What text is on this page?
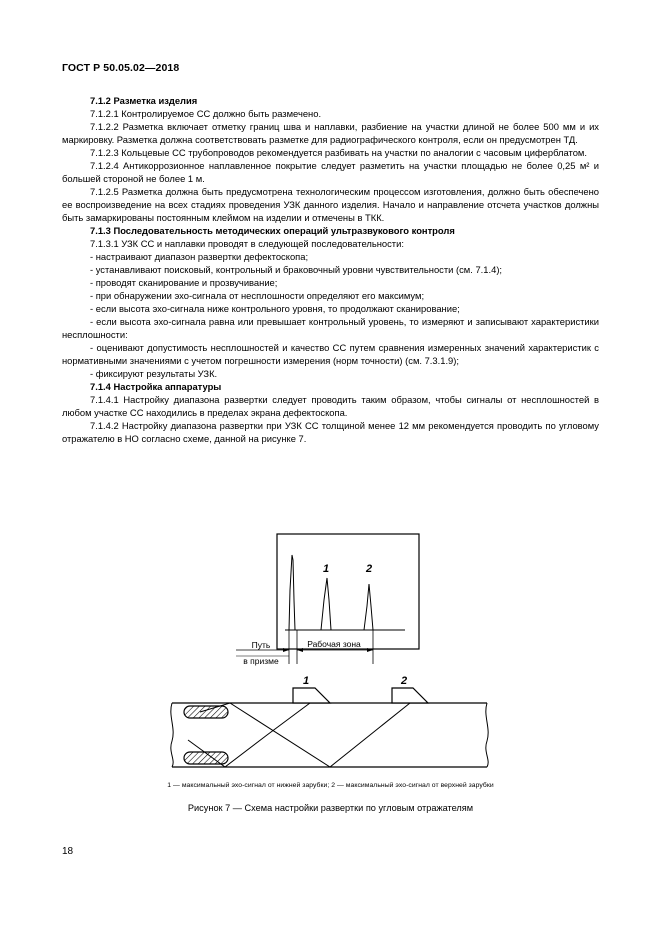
ГОСТ Р 50.05.02—2018

7.1.2 Разметка изделия

7.1.2.1 Контролируемое СС должно быть размечено.

7.1.2.2 Разметка включает отметку границ шва и наплавки, разбиение на участки длиной не более 500 мм и их маркировку. Разметка должна соответствовать разметке для радиографического контроля, если он предусмотрен ТД.

7.1.2.3 Кольцевые СС трубопроводов рекомендуется разбивать на участки по аналогии с часовым циферблатом.

7.1.2.4 Антикоррозионное наплавленное покрытие следует разметить на участки площадью не более 0,25 м² и большей стороной не более 1 м.

7.1.2.5 Разметка должна быть предусмотрена технологическим процессом изготовления, должно быть обеспечено ее воспроизведение на всех стадиях проведения УЗК данного изделия. Начало и направление отсчета участков должны быть замаркированы постоянным клеймом на изделии и отмечены в ТКК.

7.1.3 Последовательность методических операций ультразвукового контроля

7.1.3.1 УЗК СС и наплавки проводят в следующей последовательности:

- настраивают диапазон развертки дефектоскопа;

- устанавливают поисковый, контрольный и браковочный уровни чувствительности (см. 7.1.4);

- проводят сканирование и прозвучивание;

- при обнаружении эхо-сигнала от несплошности определяют его максимум;

- если высота эхо-сигнала ниже контрольного уровня, то продолжают сканирование;

- если высота эхо-сигнала равна или превышает контрольный уровень, то измеряют и записывают характеристики несплошности:

- оценивают допустимость несплошностей и качество СС путем сравнения измеренных значений характеристик с нормативными значениями с учетом погрешности измерения (норм точности) (см. 7.3.1.9);

- фиксируют результаты УЗК.

7.1.4 Настройка аппаратуры

7.1.4.1 Настройку диапазона развертки следует проводить таким образом, чтобы сигналы от несплошностей в любом участке СС находились в пределах экрана дефектоскопа.

7.1.4.2 Настройку диапазона развертки при УЗК СС толщиной менее 12 мм рекомендуется проводить по угловому отражателю в НО согласно схеме, данной на рисунке 7.

1	2
Путь
в призме
Рабочая зона
1	2
1 — максимальный эхо-сигнал от нижней зарубки; 2 — максимальный эхо-сигнал от верхней зарубки
Рисунок 7 — Схема настройки развертки по угловым отражателям
18
